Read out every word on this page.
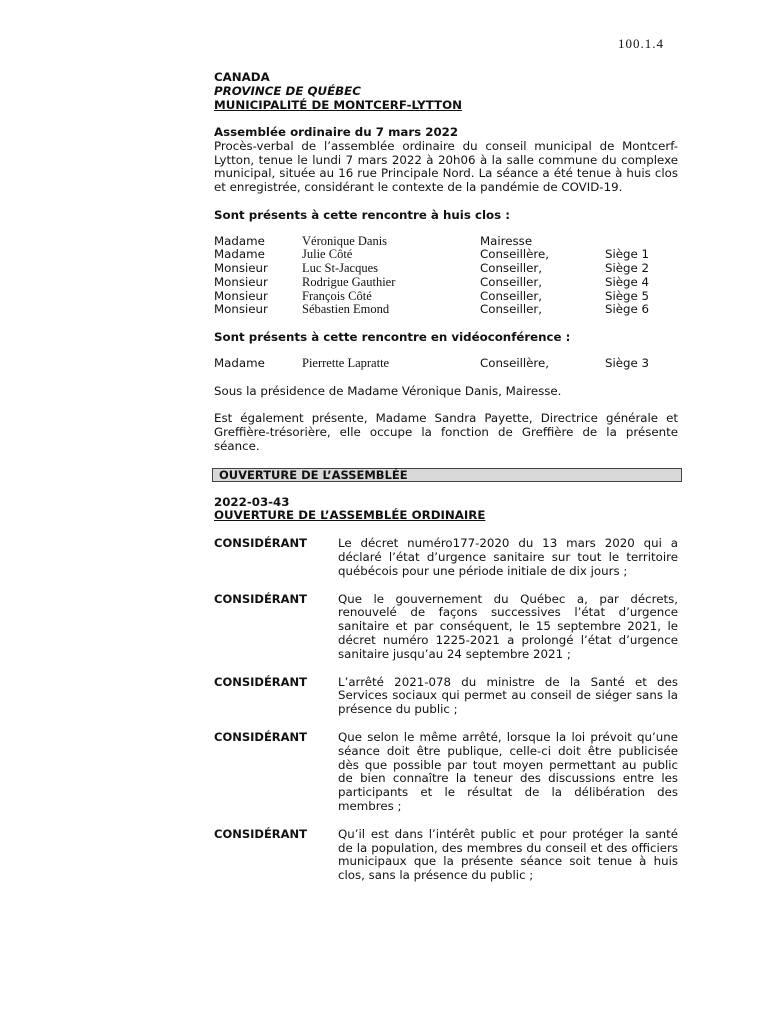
100.1.4
CANADA
PROVINCE DE QUÉBEC
MUNICIPALITÉ DE MONTCERF-LYTTON
Assemblée ordinaire du 7 mars 2022
Procès-verbal de l’assemblée ordinaire du conseil municipal de Montcerf-Lytton, tenue le lundi 7 mars 2022 à 20h06 à la salle commune du complexe municipal, située au 16 rue Principale Nord. La séance a été tenue à huis clos et enregistrée, considérant le contexte de la pandémie de COVID-19.
Sont présents à cette rencontre à huis clos :
Madame	Véronique Danis	Mairesse	
Madame	Julie Côté	Conseillère,	Siège 1
Monsieur	Luc St-Jacques	Conseiller,	Siège 2
Monsieur	Rodrigue Gauthier	Conseiller,	Siège 4
Monsieur	François Côté	Conseiller,	Siège 5
Monsieur	Sébastien Emond	Conseiller,	Siège 6
Sont présents à cette rencontre en vidéoconférence :
Madame	Pierrette Lapratte	Conseillère,	Siège 3
Sous la présidence de Madame Véronique Danis, Mairesse.
Est également présente, Madame Sandra Payette, Directrice générale et Greffière-trésorière, elle occupe la fonction de Greffière de la présente séance.
OUVERTURE DE L’ASSEMBLÉE
2022-03-43
OUVERTURE DE L’ASSEMBLÉE ORDINAIRE
CONSIDÉRANT	Le décret numéro177-2020 du 13 mars 2020 qui a déclaré l’état d’urgence sanitaire sur tout le territoire québécois pour une période initiale de dix jours ;
CONSIDÉRANT	Que le gouvernement du Québec a, par décrets, renouvelé de façons successives l’état d’urgence sanitaire et par conséquent, le 15 septembre 2021, le décret numéro 1225-2021 a prolongé l’état d’urgence sanitaire jusqu’au 24 septembre 2021 ;
CONSIDÉRANT	L’arrêté 2021-078 du ministre de la Santé et des Services sociaux qui permet au conseil de siéger sans la présence du public ;
CONSIDÉRANT	Que selon le même arrêté, lorsque la loi prévoit qu’une séance doit être publique, celle-ci doit être publicisée dès que possible par tout moyen permettant au public de bien connaître la teneur des discussions entre les participants et le résultat de la délibération des membres ;
CONSIDÉRANT	Qu’il est dans l’intérêt public et pour protéger la santé de la population, des membres du conseil et des officiers municipaux que la présente séance soit tenue à huis clos, sans la présence du public ;
